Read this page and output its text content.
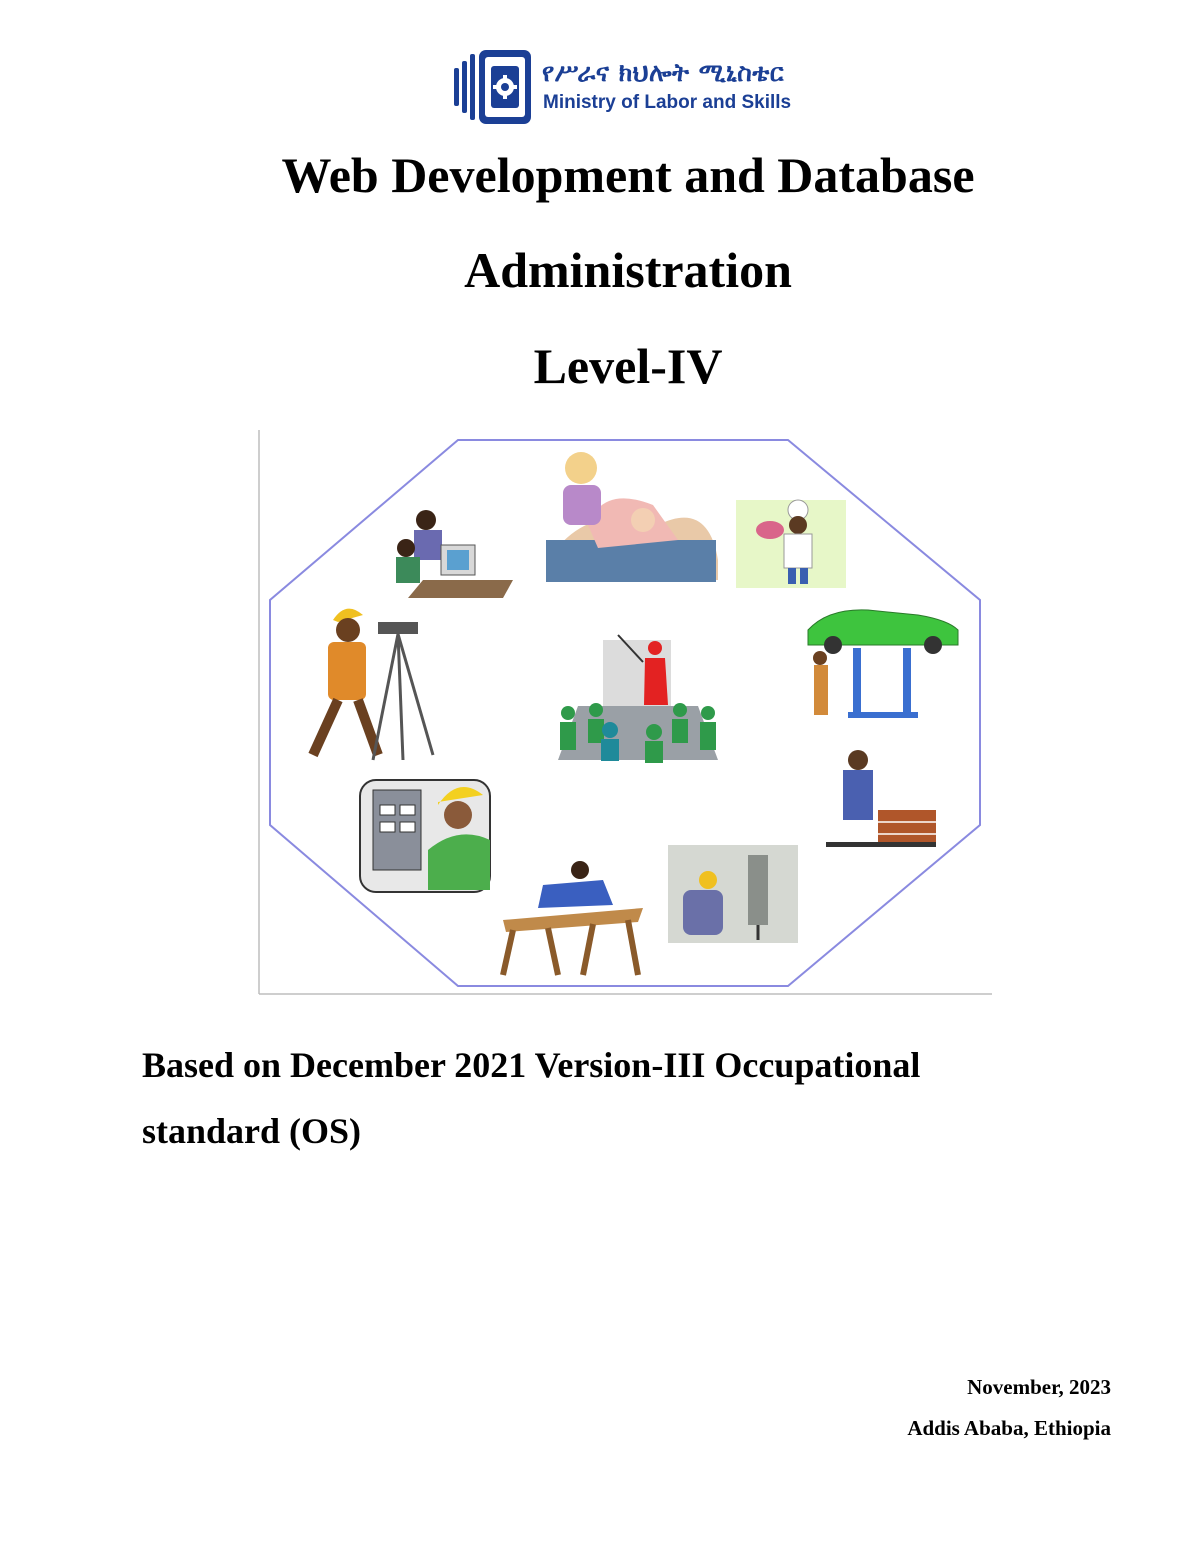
የሥራና ክህሎት ሚኒስቴር
Ministry of Labor and Skills
Web Development and Database
Administration
Level-IV

Based on December 2021 Version-III Occupational standard (OS)

November, 2023

Addis Ababa, Ethiopia
